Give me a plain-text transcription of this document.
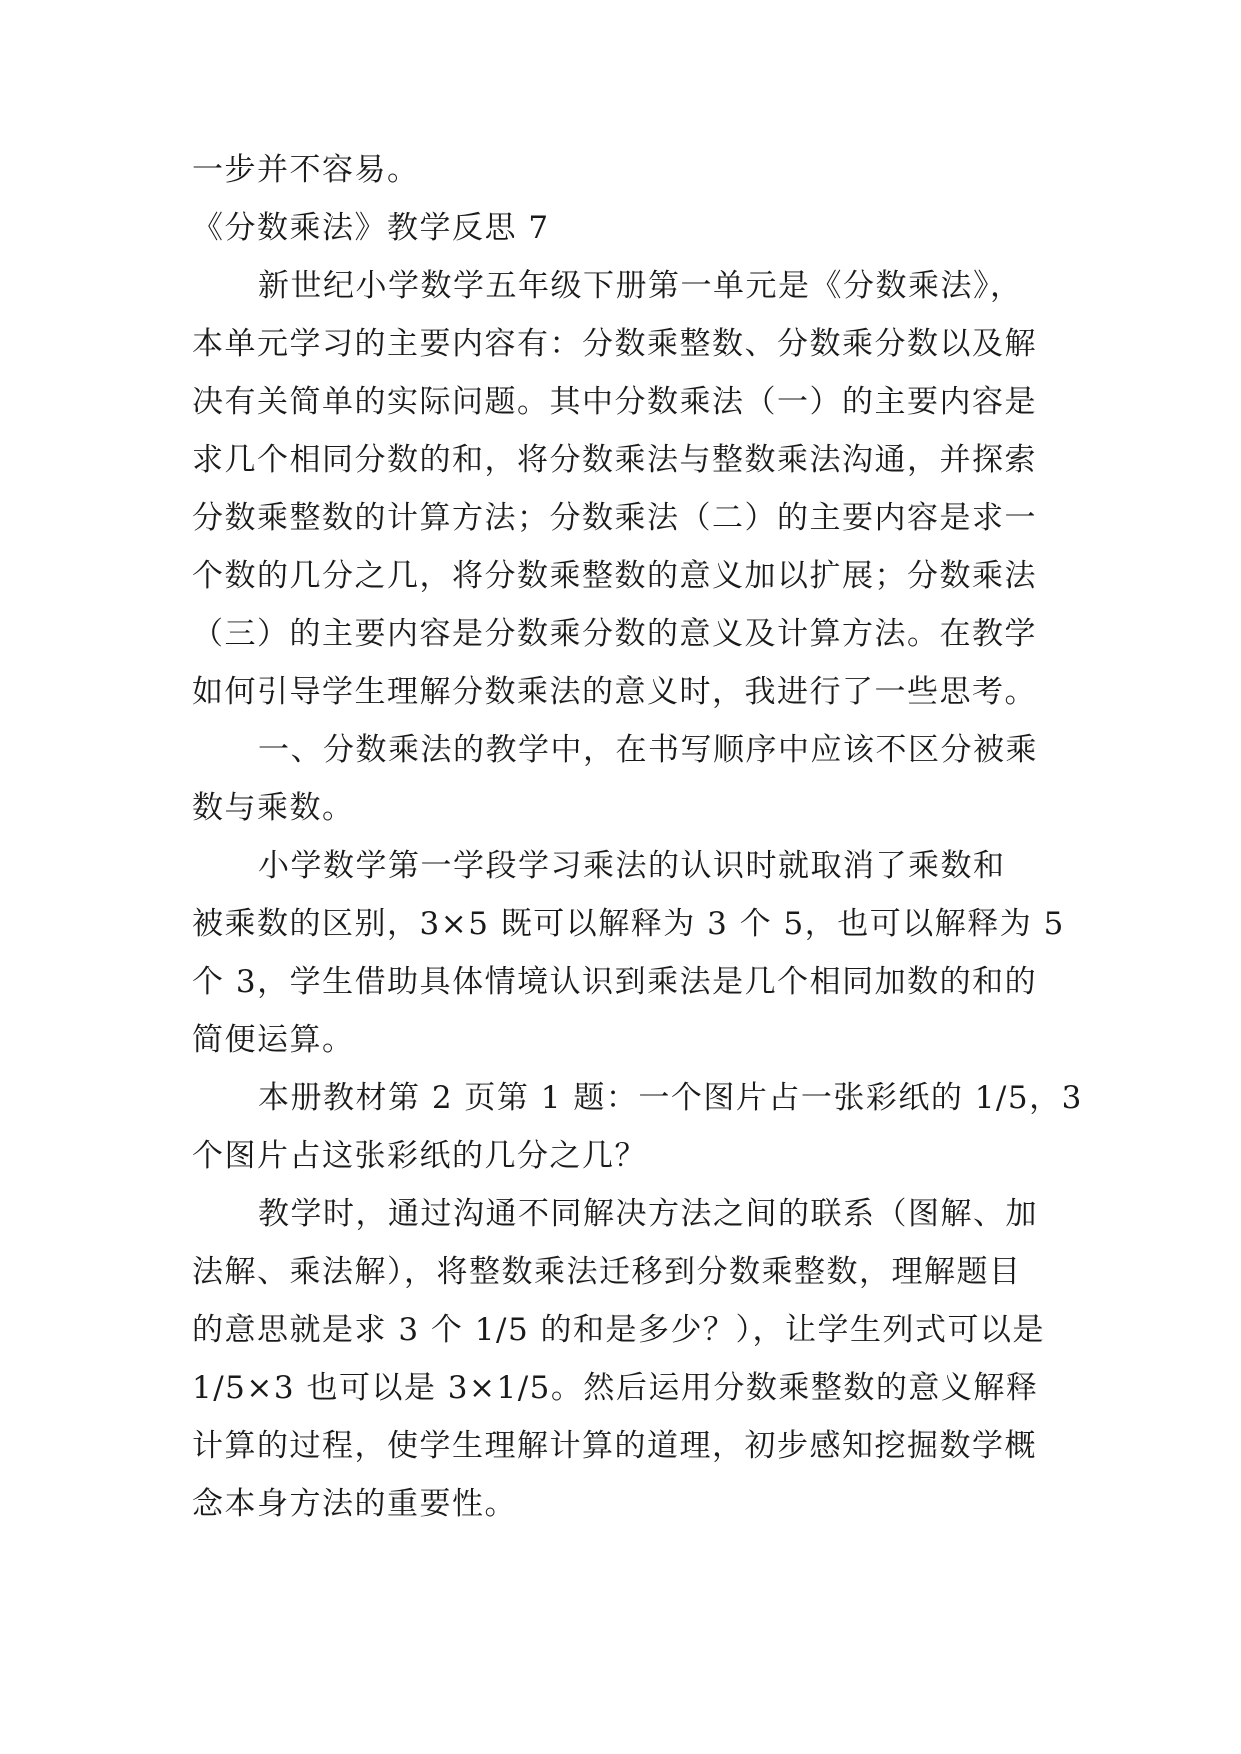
一步并不容易。
《分数乘法》教学反思 7
新世纪小学数学五年级下册第一单元是《分数乘法》，
本单元学习的主要内容有：分数乘整数、分数乘分数以及解
决有关简单的实际问题。其中分数乘法（一）的主要内容是
求几个相同分数的和，将分数乘法与整数乘法沟通，并探索
分数乘整数的计算方法；分数乘法（二）的主要内容是求一
个数的几分之几，将分数乘整数的意义加以扩展；分数乘法
（三）的主要内容是分数乘分数的意义及计算方法。在教学
如何引导学生理解分数乘法的意义时，我进行了一些思考。
一、分数乘法的教学中，在书写顺序中应该不区分被乘
数与乘数。
小学数学第一学段学习乘法的认识时就取消了乘数和
被乘数的区别，3×5 既可以解释为 3 个 5，也可以解释为 5
个 3，学生借助具体情境认识到乘法是几个相同加数的和的
简便运算。
本册教材第 2 页第 1 题：一个图片占一张彩纸的 1/5，3
个图片占这张彩纸的几分之几？
教学时，通过沟通不同解决方法之间的联系（图解、加
法解、乘法解），将整数乘法迁移到分数乘整数，理解题目
的意思就是求 3 个 1/5 的和是多少？），让学生列式可以是
1/5×3 也可以是 3×1/5。然后运用分数乘整数的意义解释
计算的过程，使学生理解计算的道理，初步感知挖掘数学概
念本身方法的重要性。
